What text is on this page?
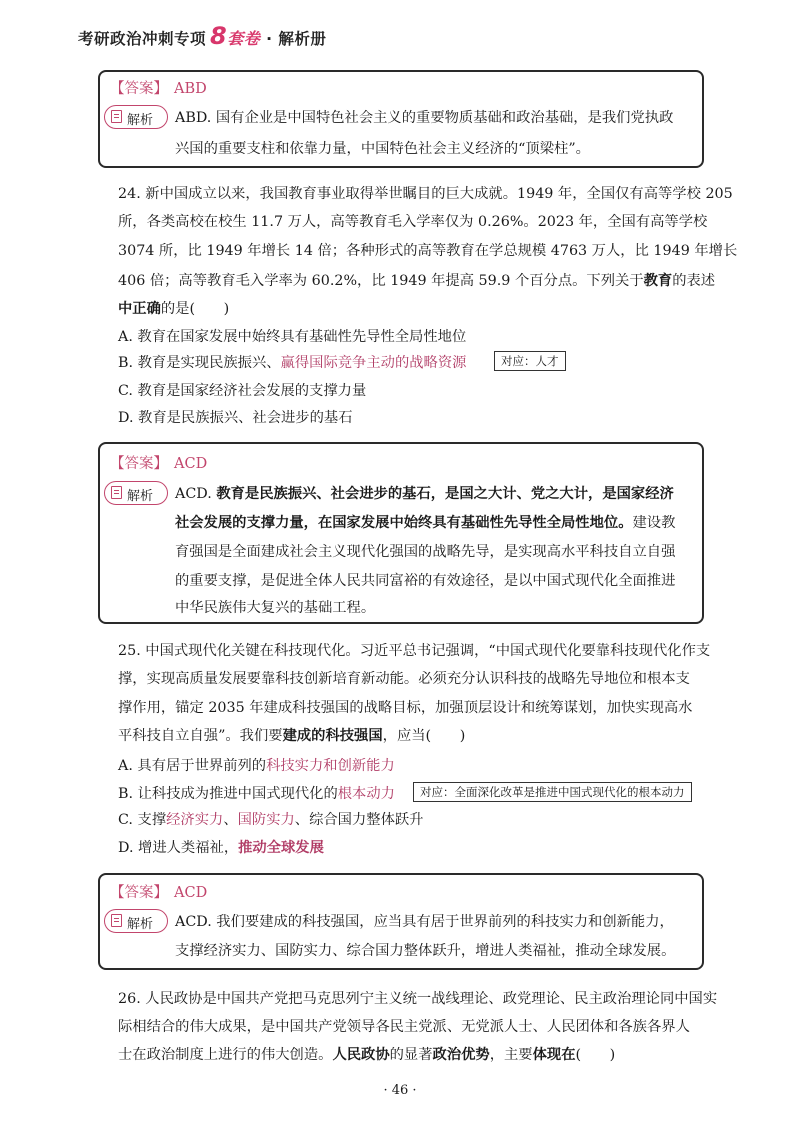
考研政治冲刺专项 8套卷 · 解析册
【答案】 ABD
解析 ABD. 国有企业是中国特色社会主义的重要物质基础和政治基础，是我们党执政
兴国的重要支柱和依靠力量，中国特色社会主义经济的“顶梁柱”。
24. 新中国成立以来，我国教育事业取得举世瞩目的巨大成就。1949 年，全国仅有高等学校 205
所，各类高校在校生 11.7 万人，高等教育毛入学率仅为 0.26%。2023 年，全国有高等学校
3074 所，比 1949 年增长 14 倍；各种形式的高等教育在学总规模 4763 万人，比 1949 年增长
406 倍；高等教育毛入学率为 60.2%，比 1949 年提高 59.9 个百分点。下列关于教育的表述
中正确的是(　　)
A. 教育在国家发展中始终具有基础性先导性全局性地位
B. 教育是实现民族振兴、赢得国际竞争主动的战略资源	对应：人才
C. 教育是国家经济社会发展的支撑力量
D. 教育是民族振兴、社会进步的基石
【答案】 ACD
解析 ACD. 教育是民族振兴、社会进步的基石，是国之大计、党之大计，是国家经济
社会发展的支撑力量，在国家发展中始终具有基础性先导性全局性地位。建设教
育强国是全面建成社会主义现代化强国的战略先导，是实现高水平科技自立自强
的重要支撑，是促进全体人民共同富裕的有效途径，是以中国式现代化全面推进
中华民族伟大复兴的基础工程。
25. 中国式现代化关键在科技现代化。习近平总书记强调，“中国式现代化要靠科技现代化作支
撑，实现高质量发展要靠科技创新培育新动能。必须充分认识科技的战略先导地位和根本支
撑作用，锚定 2035 年建成科技强国的战略目标，加强顶层设计和统筹谋划，加快实现高水
平科技自立自强”。我们要建成的科技强国，应当(　　)
A. 具有居于世界前列的科技实力和创新能力
B. 让科技成为推进中国式现代化的根本动力	对应：全面深化改革是推进中国式现代化的根本动力
C. 支撑经济实力、国防实力、综合国力整体跃升
D. 增进人类福祉，推动全球发展
【答案】 ACD
解析 ACD. 我们要建成的科技强国，应当具有居于世界前列的科技实力和创新能力，
支撑经济实力、国防实力、综合国力整体跃升，增进人类福祉，推动全球发展。
26. 人民政协是中国共产党把马克思列宁主义统一战线理论、政党理论、民主政治理论同中国实
际相结合的伟大成果，是中国共产党领导各民主党派、无党派人士、人民团体和各族各界人
士在政治制度上进行的伟大创造。人民政协的显著政治优势，主要体现在(　　)
· 46 ·
